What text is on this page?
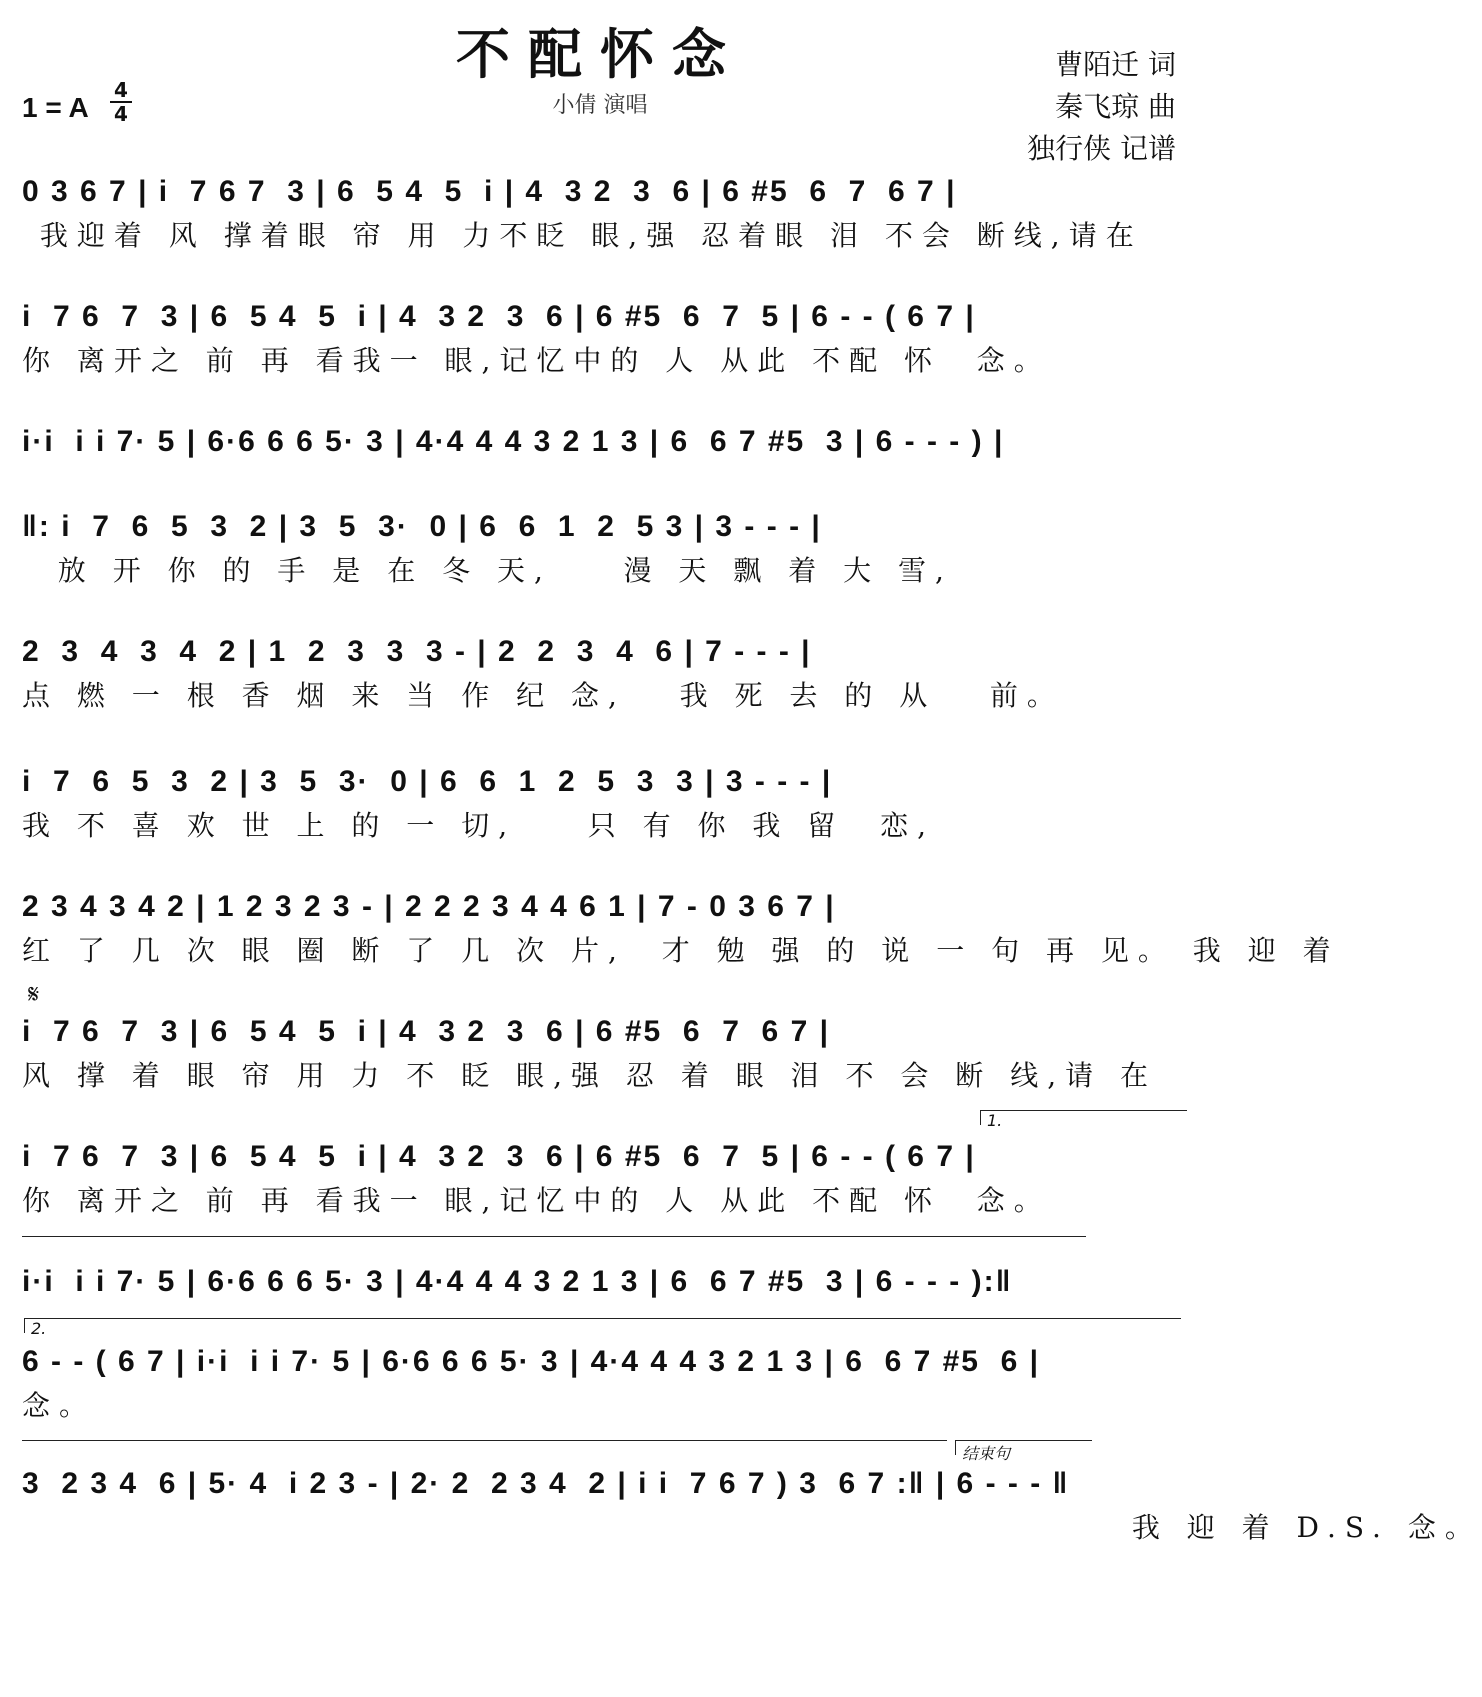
不配怀念
小倩 演唱
1 = A
4
4
曹陌迁 词
秦飞琼 曲
独行侠 记谱
0 3 6 7 | i  7 6 7  3 | 6  5 4  5  i | 4  3 2  3  6 | 6 #5  6  7  6 7 |
我迎着 风 撑着眼 帘 用 力不眨 眼,强 忍着眼 泪 不会 断线,请在
i  7 6  7  3 | 6  5 4  5  i | 4  3 2  3  6 | 6 #5  6  7  5 | 6 - - ( 6 7 |
你 离开之 前 再 看我一 眼,记忆中的 人 从此 不配 怀  念。
i·i  i i 7· 5 | 6·6 6 6 5· 3 | 4·4 4 4 3 2 1 3 | 6  6 7 #5  3 | 6 - - - ) |
‖: i  7  6  5  3  2 | 3  5  3·  0 | 6  6  1  2  5 3 | 3 - - - |
放 开 你 的 手 是 在 冬 天,    漫 天 飘 着 大 雪,
2  3  4  3  4  2 | 1  2  3  3  3 - | 2  2  3  4  6 | 7 - - - |
点 燃 一 根 香 烟 来 当 作 纪 念,   我 死 去 的 从   前。
i  7  6  5  3  2 | 3  5  3·  0 | 6  6  1  2  5  3  3 | 3 - - - |
我 不 喜 欢 世 上 的 一 切,    只 有 你 我 留  恋,
2 3 4 3 4 2 | 1 2 3 2 3 - | 2 2 2 3 4 4 6 1 | 7 - 0 3 6 7 |
红 了 几 次 眼 圈 断 了 几 次 片,  才 勉 强 的 说 一 句 再 见。 我 迎 着
𝄋
i  7 6  7  3 | 6  5 4  5  i | 4  3 2  3  6 | 6 #5  6  7  6 7 |
风 撑 着 眼 帘 用 力 不 眨 眼,强 忍 着 眼 泪 不 会 断 线,请 在
1.
i  7 6  7  3 | 6  5 4  5  i | 4  3 2  3  6 | 6 #5  6  7  5 | 6 - - ( 6 7 |
你 离开之 前 再 看我一 眼,记忆中的 人 从此 不配 怀  念。
i·i  i i 7· 5 | 6·6 6 6 5· 3 | 4·4 4 4 3 2 1 3 | 6  6 7 #5  3 | 6 - - - ):‖
2.
6 - - ( 6 7 | i·i  i i 7· 5 | 6·6 6 6 5· 3 | 4·4 4 4 3 2 1 3 | 6  6 7 #5  6 |
念。
结束句
3  2 3 4  6 | 5· 4  i 2 3 - | 2· 2  2 3 4  2 | i i  7 6 7 ) 3  6 7 :‖ | 6 - - - ‖
我 迎 着 D.S. 念。
